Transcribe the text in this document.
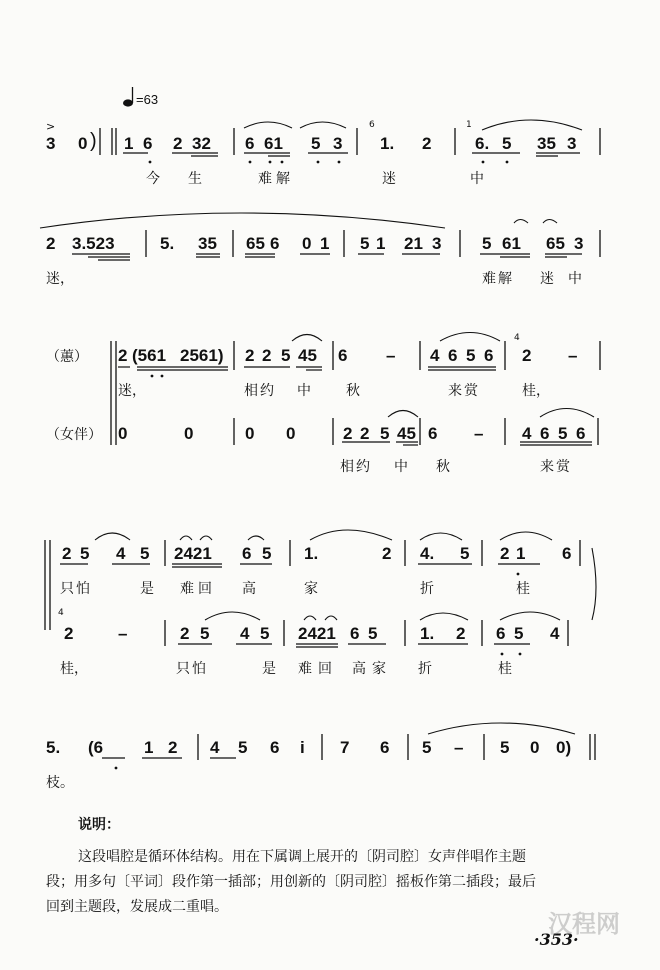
=63
>
3 0 ) 1 6 2 32 6 61 5 3
6
1. 2
1
6. 5 35 3
今 生	难解	迷	中
2 3.523	5. 35 65 6 0 1 5 1 21 3 5 61 65 3
迷，	难解 迷 中
（蕙）
（女伴）
2 (561 2561) 2 2 5 45 6 – 4 6 5 6
4
2 –
迷，	相约 中	秋	来赏	桂，
0	0	0 0	2 2 5 45 6 – 4 6 5 6
相约 中 秋	来赏
2 5 4 5 2421 6 5 1.	2 4. 5 2 1 6
只怕	是 难回 高	家	折	桂
4
2	–	2 5 4 5 2421 6 5	1. 2 6 5 4
桂，	只怕	是 难回 高家 折	桂
5. (6 1 2 4 5 6 i 7 6 5 – 5 0 0)
枝。
说明：
这段唱腔是循环体结构。用在下属调上展开的〔阴司腔〕女声伴唱作主题
段；用多句〔平词〕段作第一插部；用创新的〔阴司腔〕摇板作第二插段；最后
回到主题段，发展成二重唱。
·353·
汉程网
